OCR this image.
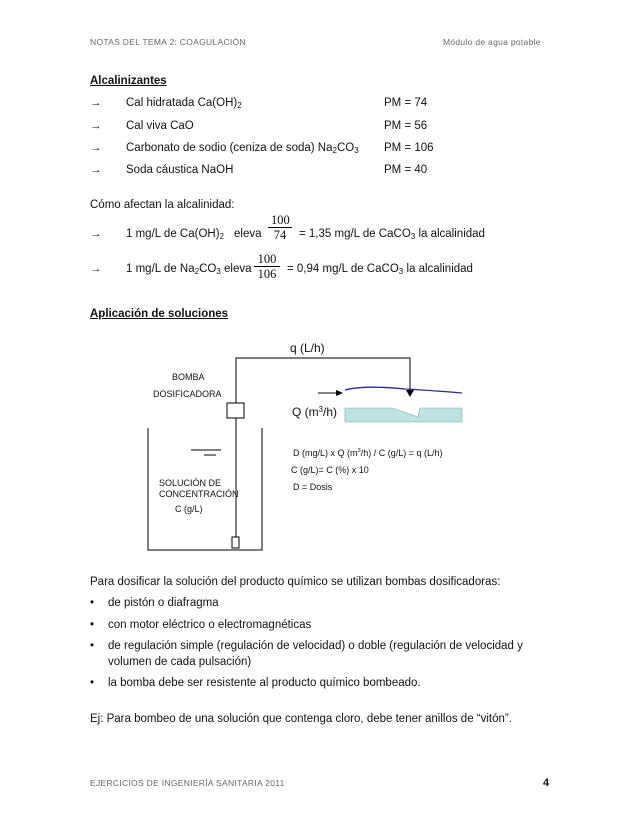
NOTAS DEL TEMA 2: COAGULACIÓN	Módulo de agua potable
Alcalinizantes
→ Cal hidratada $Ca(OH)_2$	PM = 74
→ Cal viva CaO	PM = 56
→ Carbonato de sodio (ceniza de soda) $Na_2CO_3$ PM = 106
→ Soda cáustica NaOH	PM = 40
Cómo afectan la alcalinidad:
→ 1 mg/L de $Ca(OH)_2$ eleva
100
74	= 1,35 mg/L de CaCO$_3$ la alcalinidad
→ 1 mg/L de $Na_2CO_3$ eleva
100
106 = 0,94 mg/L de CaCO$_3$ la alcalinidad
Aplicación de soluciones
q (L/h)
BOMBA
DOSIFICADORA
Q $(m^3/h)$
SOLUCIÓN DE
CONCENTRACIÓN
C (g/L)
D (mg/L) x Q $(m^3/h)$ / C (g/L) = q (L/h)
C (g/L)= C (%) x 10
D = Dosis
Para dosificar la solución del producto químico se utilizan bombas dosificadoras:
• de pistón o diafragma
• con motor eléctrico o electromagnéticas
• de regulación simple (regulación de velocidad) o doble (regulación de velocidad y
volumen de cada pulsación)
• la bomba debe ser resistente al producto químico bombeado.
Ej: Para bombeo de una solución que contenga cloro, debe tener anillos de “vitón”.
EJERCICIOS DE INGENIERÍA SANITARIA 2011	4
